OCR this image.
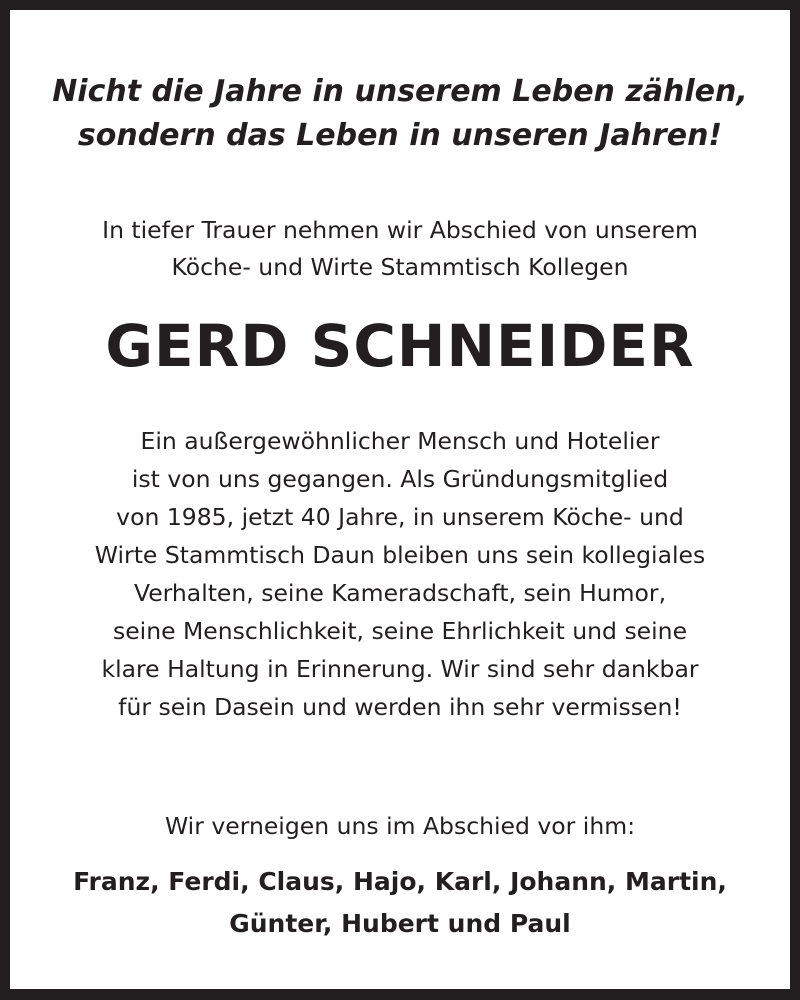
Nicht die Jahre in unserem Leben zählen,
sondern das Leben in unseren Jahren!
In tiefer Trauer nehmen wir Abschied von unserem
Köche- und Wirte Stammtisch Kollegen
GERD SCHNEIDER
Ein außergewöhnlicher Mensch und Hotelier
ist von uns gegangen. Als Gründungsmitglied
von 1985, jetzt 40 Jahre, in unserem Köche- und
Wirte Stammtisch Daun bleiben uns sein kollegiales
Verhalten, seine Kameradschaft, sein Humor,
seine Menschlichkeit, seine Ehrlichkeit und seine
klare Haltung in Erinnerung. Wir sind sehr dankbar
für sein Dasein und werden ihn sehr vermissen!
Wir verneigen uns im Abschied vor ihm:
Franz, Ferdi, Claus, Hajo, Karl, Johann, Martin,
Günter, Hubert und Paul
